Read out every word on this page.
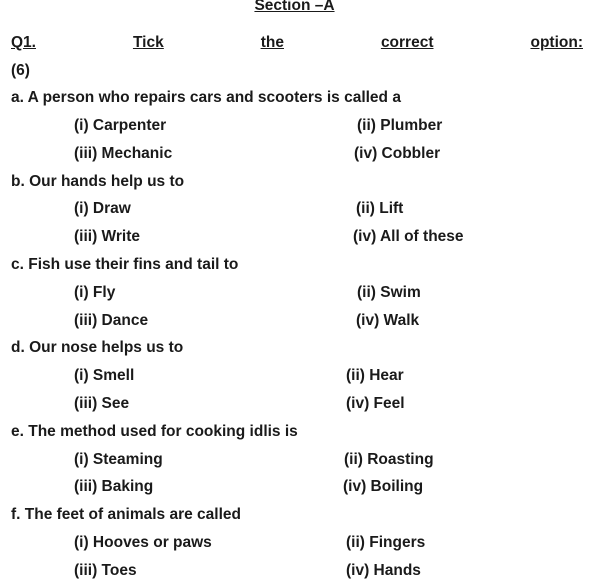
Section –A
Q1.	Tick	the	correct	option:
(6)
a. A person who repairs cars and scooters is called a
(i) Carpenter	(ii) Plumber
(iii) Mechanic	(iv) Cobbler
b. Our hands help us to
(i) Draw	(ii) Lift
(iii) Write	(iv) All of these
c. Fish use their fins and tail to
(i) Fly	(ii) Swim
(iii) Dance	(iv) Walk
d. Our nose helps us to
(i) Smell	(ii) Hear
(iii) See	(iv) Feel
e. The method used for cooking idlis is
(i) Steaming	(ii) Roasting
(iii) Baking	(iv) Boiling
f. The feet of animals are called
(i) Hooves or paws	(ii) Fingers
(iii) Toes	(iv) Hands
